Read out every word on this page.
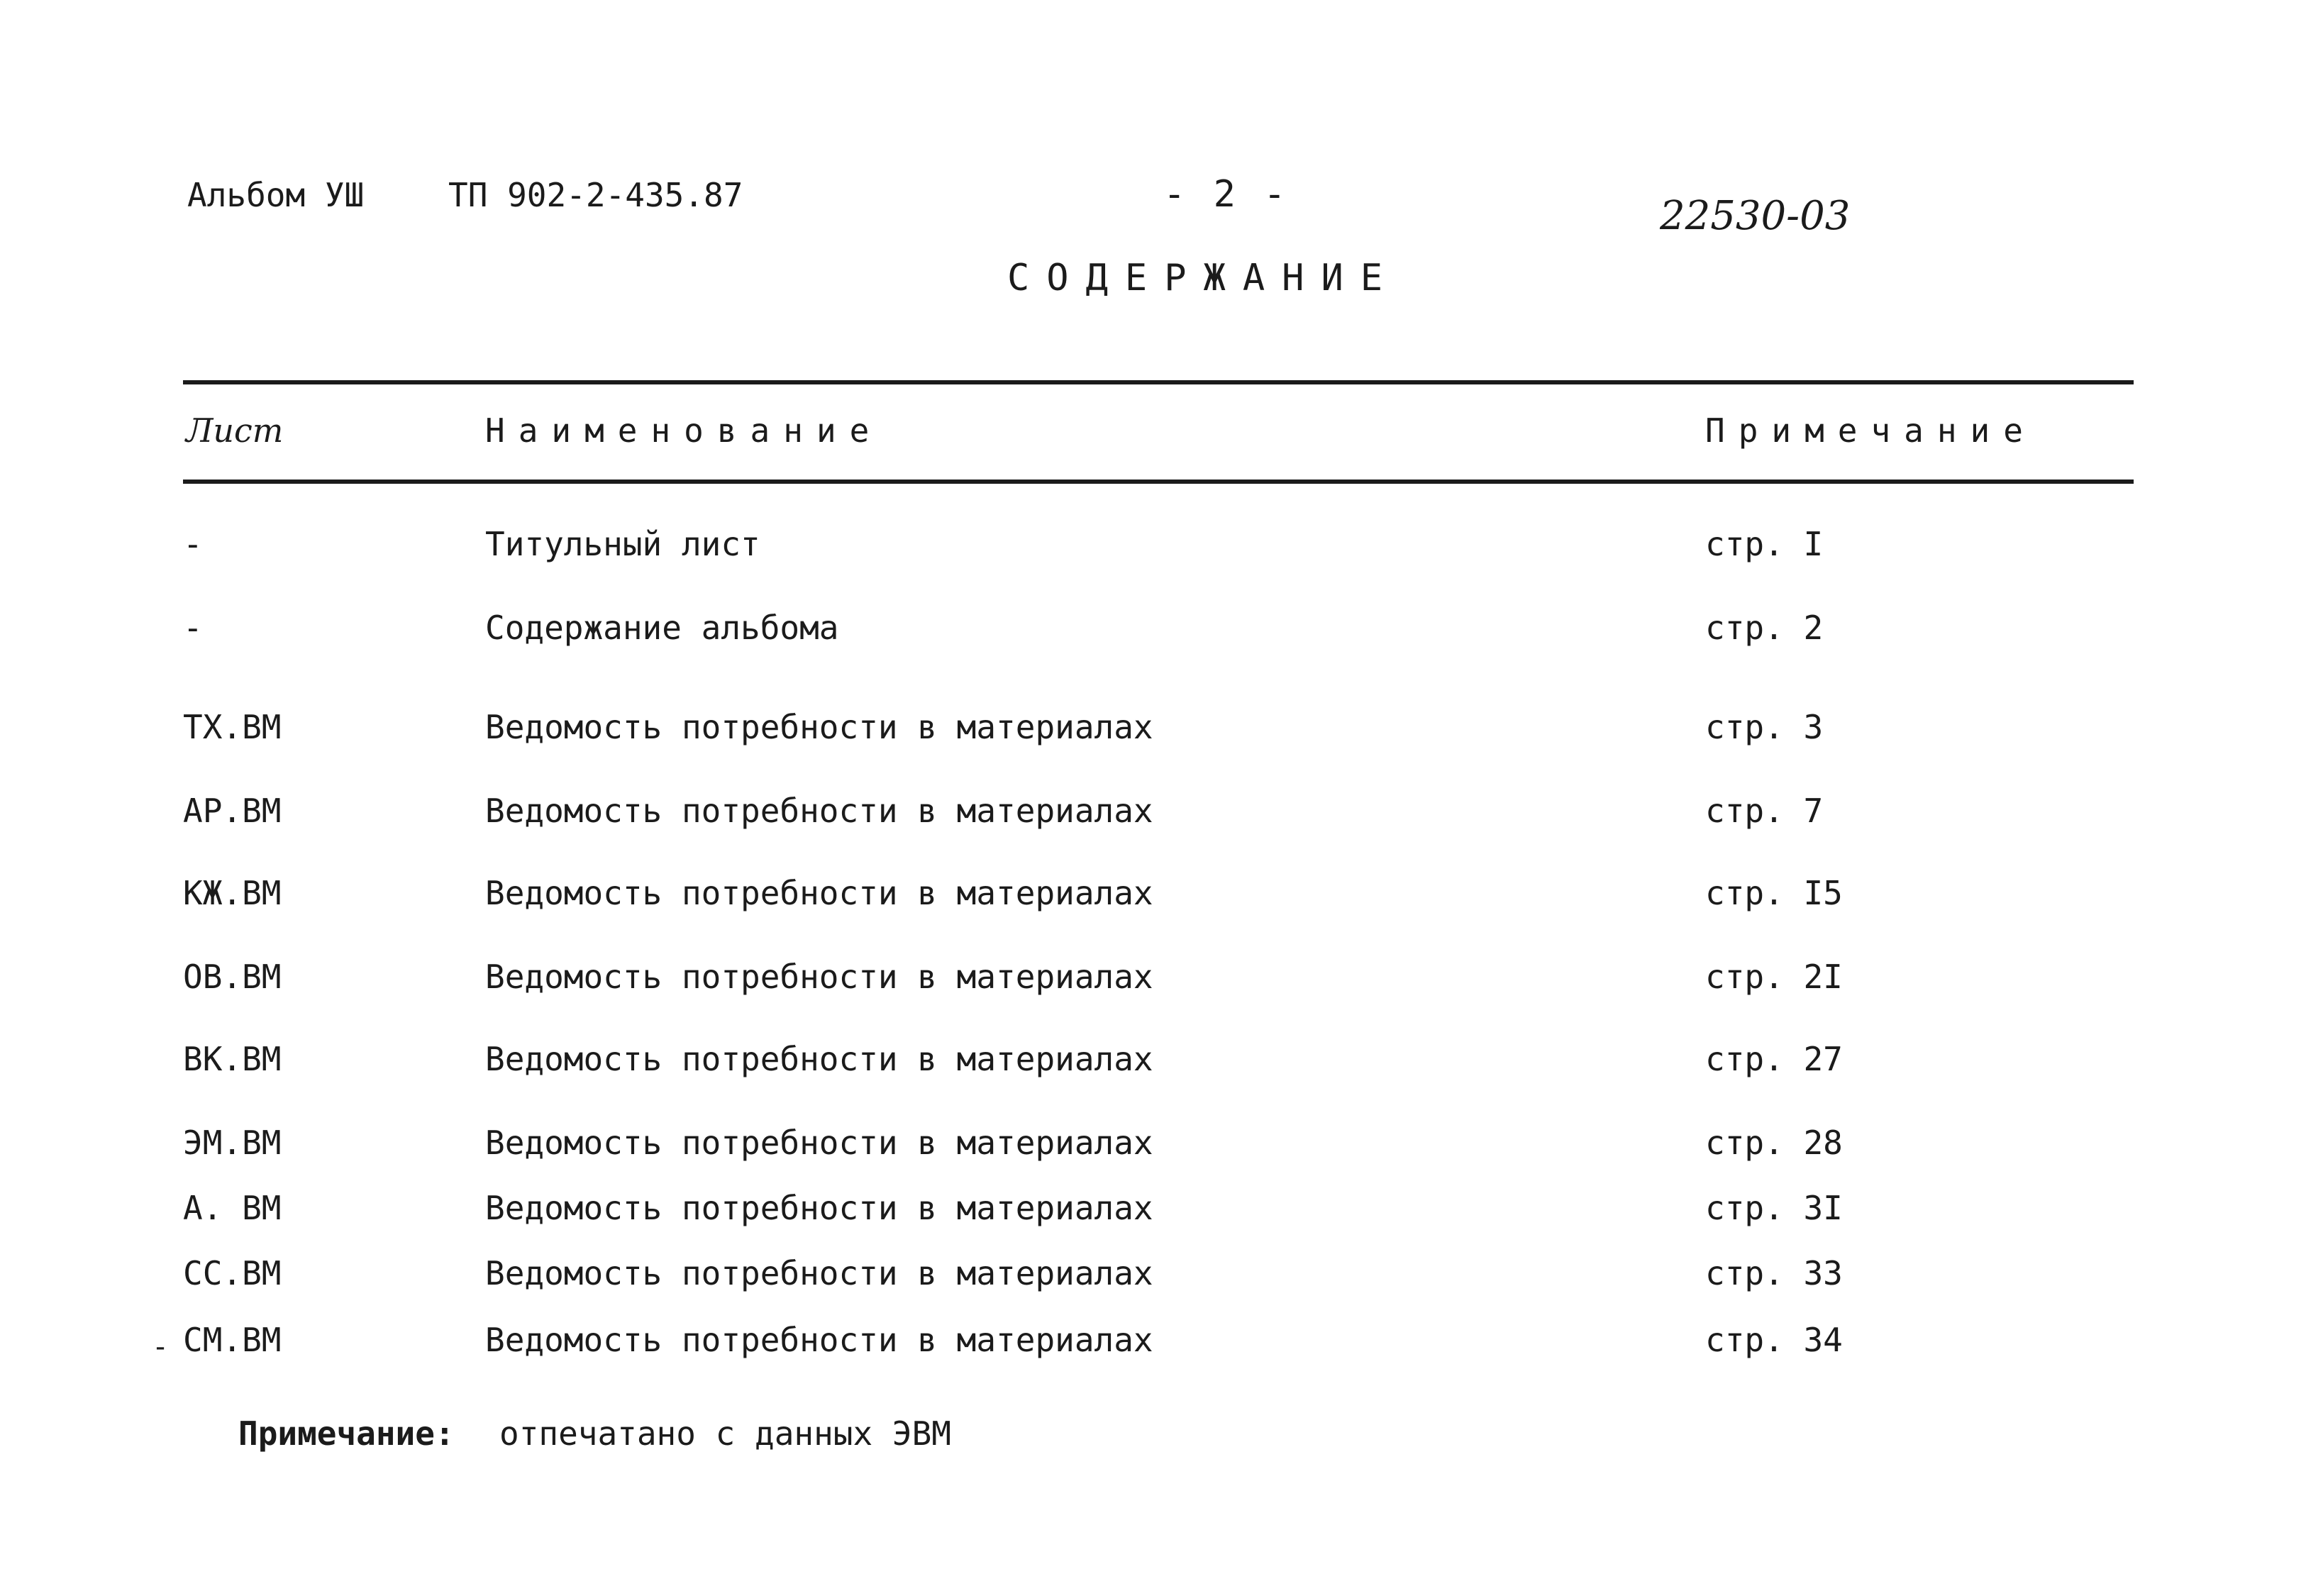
Альбом УШ	ТП 902-2-435.87	- 2 -	22530-03
СОДЕРЖАНИЕ
Лист	Наименование	Примечание
-	Титульный лист	стр. I
-	Содержание альбома	стр. 2
ТХ.ВМ	Ведомость потребности в материалах	стр. 3
АР.ВМ	Ведомость потребности в материалах	стр. 7
КЖ.ВМ	Ведомость потребности в материалах	стр. I5
ОВ.ВМ	Ведомость потребности в материалах	стр. 2I
ВК.ВМ	Ведомость потребности в материалах	стр. 27
ЭМ.ВМ	Ведомость потребности в материалах	стр. 28
А. ВМ	Ведомость потребности в материалах	стр. 3I
СС.ВМ	Ведомость потребности в материалах	стр. 33
СМ.ВМ	Ведомость потребности в материалах	стр. 34
-
Примечание: отпечатано с данных ЭВМ
